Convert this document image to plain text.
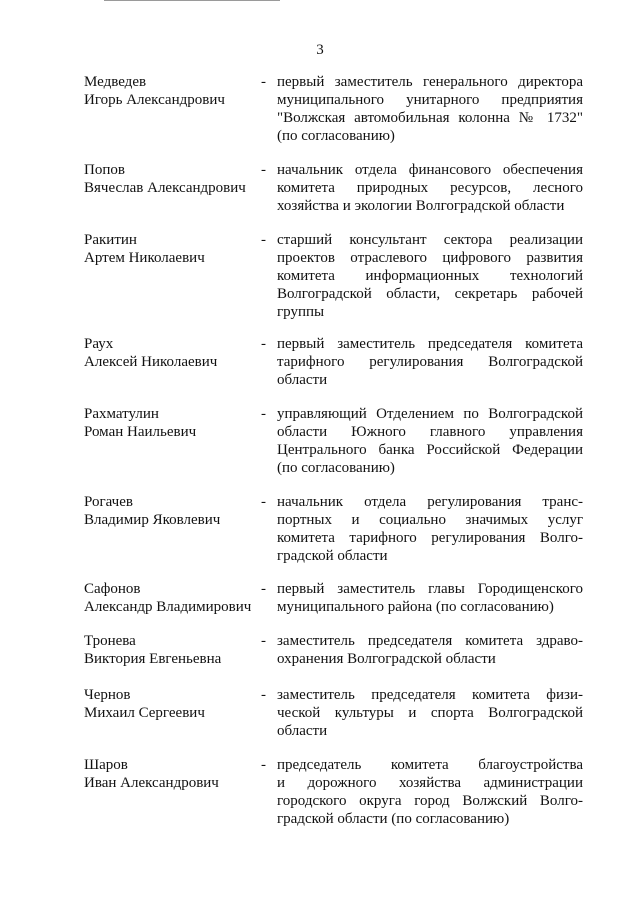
3
Медведев
Игорь Александрович
- первый заместитель генерального директора
муниципального унитарного предприятия
"Волжская автомобильная колонна № 1732"
(по согласованию)
Попов
Вячеслав Александрович
- начальник отдела финансового обеспечения
комитета природных ресурсов, лесного
хозяйства и экологии Волгоградской области
Ракитин
Артем Николаевич
- старший консультант сектора реализации
проектов отраслевого цифрового развития
комитета информационных технологий
Волгоградской области, секретарь рабочей
группы
Раух
Алексей Николаевич
- первый заместитель председателя комитета
тарифного регулирования Волгоградской
области
Рахматулин
Роман Наильевич
- управляющий Отделением по Волгоградской
области Южного главного управления
Центрального банка Российской Федерации
(по согласованию)
Рогачев
Владимир Яковлевич
- начальник отдела регулирования транс-
портных и социально значимых услуг
комитета тарифного регулирования Волго-
градской области
Сафонов
Александр Владимирович
- первый заместитель главы Городищенского
муниципального района (по согласованию)
Тронева
Виктория Евгеньевна
- заместитель председателя комитета здраво-
охранения Волгоградской области
Чернов
Михаил Сергеевич
- заместитель председателя комитета физи-
ческой культуры и спорта Волгоградской
области
Шаров
Иван Александрович
- председатель комитета благоустройства
и дорожного хозяйства администрации
городского округа город Волжский Волго-
градской области (по согласованию)
